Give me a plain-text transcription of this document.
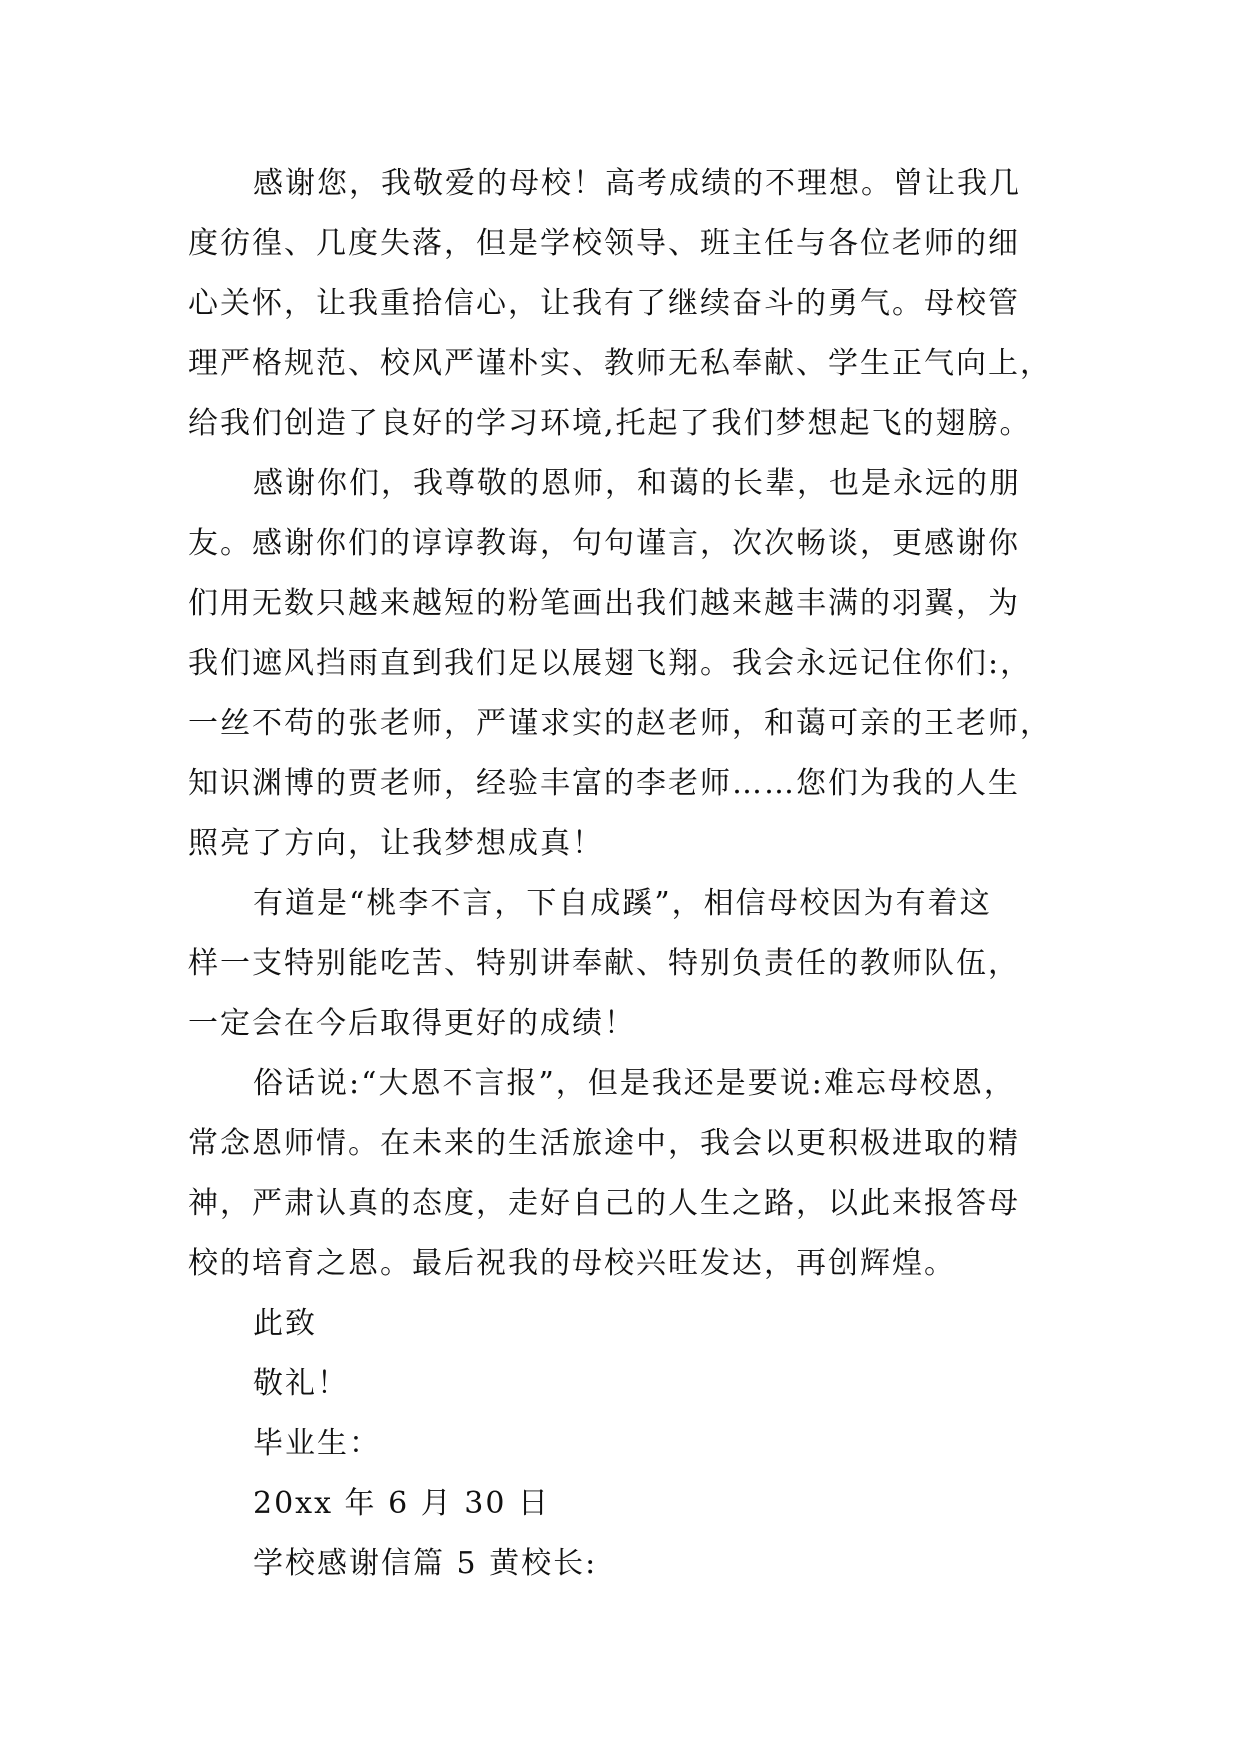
感谢您，我敬爱的母校！高考成绩的不理想。曾让我几
度彷徨、几度失落，但是学校领导、班主任与各位老师的细
心关怀，让我重拾信心，让我有了继续奋斗的勇气。母校管
理严格规范、校风严谨朴实、教师无私奉献、学生正气向上，
给我们创造了良好的学习环境,托起了我们梦想起飞的翅膀。
感谢你们，我尊敬的恩师，和蔼的长辈，也是永远的朋
友。感谢你们的谆谆教诲，句句谨言，次次畅谈，更感谢你
们用无数只越来越短的粉笔画出我们越来越丰满的羽翼，为
我们遮风挡雨直到我们足以展翅飞翔。我会永远记住你们:，
一丝不苟的张老师，严谨求实的赵老师，和蔼可亲的王老师，
知识渊博的贾老师，经验丰富的李老师……您们为我的人生
照亮了方向，让我梦想成真！
有道是“桃李不言，下自成蹊”，相信母校因为有着这
样一支特别能吃苦、特别讲奉献、特别负责任的教师队伍，
一定会在今后取得更好的成绩！
俗话说:“大恩不言报”，但是我还是要说:难忘母校恩，
常念恩师情。在未来的生活旅途中，我会以更积极进取的精
神，严肃认真的态度，走好自己的人生之路，以此来报答母
校的培育之恩。最后祝我的母校兴旺发达，再创辉煌。
此致
敬礼！
毕业生：
20xx 年 6 月 30 日
学校感谢信篇 5 黄校长:
